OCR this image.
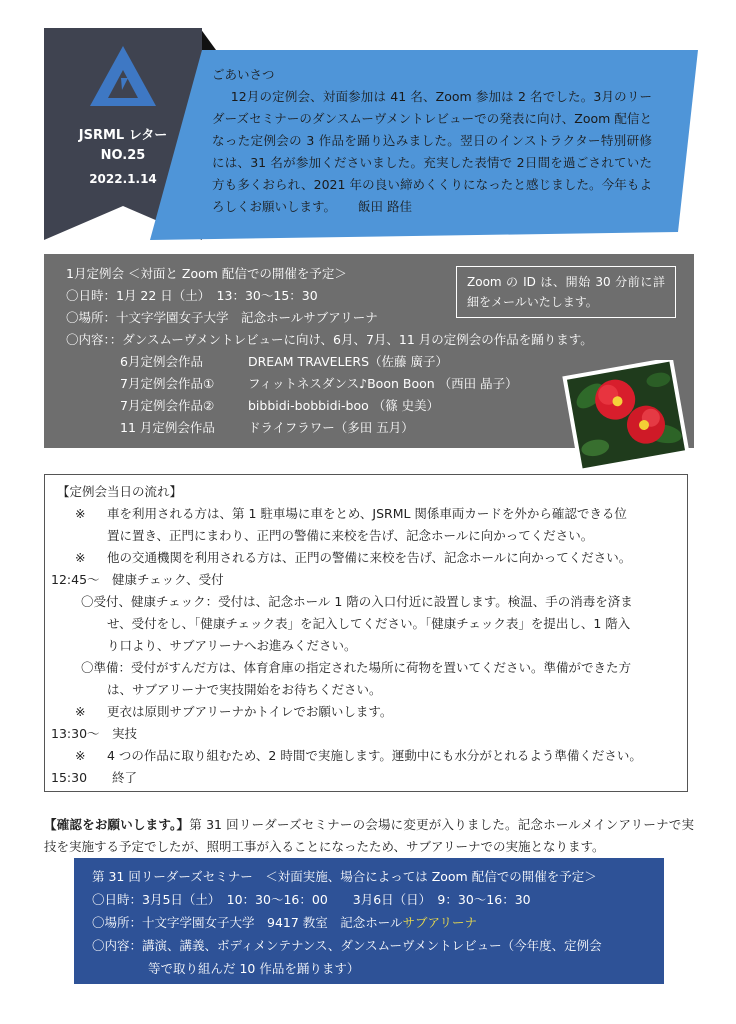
JSRML レター
NO.25
2022.1.14
ごあいさつ
12月の定例会、対面参加は 41 名、Zoom 参加は 2 名でした。3月のリーダーズセミナーのダンスムーヴメントレビューでの発表に向け、Zoom 配信となった定例会の 3 作品を踊り込みました。翌日のインストラクター特別研修には、31 名が参加くださいました。充実した表情で 2日間を過ごされていた方も多くおられ、2021 年の良い締めくくりになったと感じました。今年もよろしくお願いします。 飯田 路佳
1月定例会 ＜対面と Zoom 配信での開催を予定＞
〇日時：1月 22 日（土）　13：30〜15：30
〇場所：十文字学園女子大学　記念ホールサブアリーナ
〇内容：：ダンスムーヴメントレビューに向け、6月、7月、11 月の定例会の作品を踊ります。
6月定例会作品	DREAM TRAVELERS（佐藤 廣子）
7月定例会作品①	フィットネスダンス♪Boon Boon （西田 晶子）
7月定例会作品②	bibbidi-bobbidi-boo （篠 史美）
11 月定例会作品	ドライフラワー（多田 五月）
Zoom の ID は、開始 30 分前に詳細をメールいたします。
【定例会当日の流れ】
※ 車を利用される方は、第 1 駐車場に車をとめ、JSRML 関係車両カードを外から確認できる位
置に置き、正門にまわり、正門の警備に来校を告げ、記念ホールに向かってください。
※ 他の交通機関を利用される方は、正門の警備に来校を告げ、記念ホールに向かってください。
12:45〜　健康チェック、受付
〇受付、健康チェック：受付は、記念ホール 1 階の入口付近に設置します。検温、手の消毒を済ま
せ、受付をし、「健康チェック表」を記入してください。「健康チェック表」を提出し、1 階入
り口より、サブアリーナへお進みください。
〇準備：受付がすんだ方は、体育倉庫の指定された場所に荷物を置いてください。準備ができた方
は、サブアリーナで実技開始をお待ちください。
※ 更衣は原則サブアリーナかトイレでお願いします。
13:30〜　実技
※ 4 つの作品に取り組むため、2 時間で実施します。運動中にも水分がとれるよう準備ください。
15:30　　終了
【確認をお願いします。】第 31 回リーダーズセミナーの会場に変更が入りました。記念ホールメインアリーナで実技を実施する予定でしたが、照明工事が入ることになったため、サブアリーナでの実施となります。
第 31 回リーダーズセミナー　＜対面実施、場合によっては Zoom 配信での開催を予定＞
〇日時：3月5日（土）　10：30〜16：00　　3月6日（日）　9：30〜16：30
〇場所：十文字学園女子大学　9417 教室　記念ホールサブアリーナ
〇内容：講演、講義、ボディメンテナンス、ダンスムーヴメントレビュー（今年度、定例会
等で取り組んだ 10 作品を踊ります）
